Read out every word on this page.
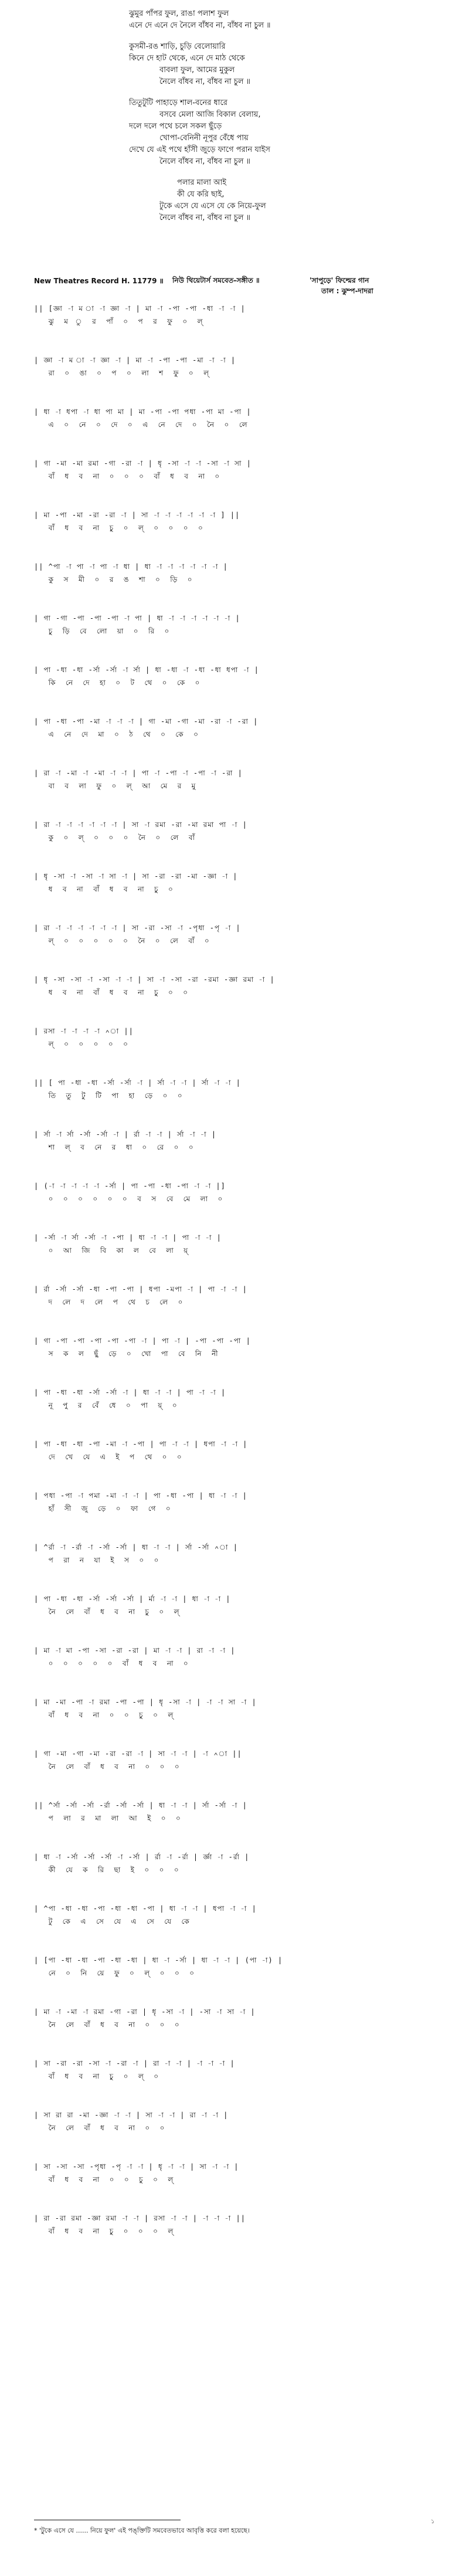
ঝুমুর পাঁপর ফুল, রাঙা পলাশ ফুল
এনে দে এনে দে নৈলে বাঁধব না, বাঁধব না চুল ॥
কুসমী-রঙ শাড়ি, চুড়ি বেলোয়ারি
কিনে দে হাট থেকে, এনে দে মাঠ থেকে
বাবলা ফুল, আমের মুকুল
নৈলে বাঁধব না, বাঁধব না চুল ॥
তিতুটুটি পাহাড়ে শাল-বনের ধারে
বসবে মেলা আজি বিকাল বেলায়,
দলে দলে পথে চলে সকল ছুঁড়ে
খোপা-বেনিনী নূপুর বেঁধে পায়
দেখে যে এই পথে হাঁসী জুড়ে ফাগে পরান যাইস
নৈলে বাঁধব না, বাঁধব না চুল ॥
পলার মালা আই
কী যে করি ছাই,
টুকে এসে যে এসে যে কে নিয়ে-ফুল
নৈলে বাঁধব না, বাঁধব না চুল ॥
New Theatres Record H. 11779 ॥ নিউ থিয়েটার্স সমবেত-সঙ্গীত ॥	'সাপুড়ে' ফিল্মের গান
তাল : ঝুম্প-দাদরা
|| [জ্ঞা -া ম া -া জ্ঞা -া | মা -া -পা -পা -ধা -া -া |
ঝু  ম  ু  র  পাঁ  ০  প  র  ফু  ০  ল্
| জ্ঞা -া ম া -া জ্ঞা -া | মা -া -পা -পা -মা -া -া |
রা  ০  ঙা  ০  প  ০  লা  শ  ফু  ০  ল্
| ধা -া ধপা -া ধা পা মা | মা -পা -পা পধা -পা মা -পা |
এ  ০  নে  ০  দে  ০  এ  নে  দে  ০  নৈ  ০  লে
| গা -মা -মা রমা -গা -রা -া | ধৃ -সা -া -া -সা -া সা |
বাঁ  ধ  ব  না  ০  ০  ০  বাঁ  ধ  ব  না  ০
| মা -পা -মা -রা -রা -া | সা -া -া -া -া -া -া ] ||
বাঁ  ধ  ব  না  চু  ০  ল্  ০  ০  ০  ০
|| ^পা -া পা -া পা -া ধা | ধা -া -া -া -া -া -া |
কু  স  মী  ০  র  ঙ  শা  ০  ড়ি  ০
| গা -গা -পা -পা -পা -া পা | ধা -া -া -া -া -া -া |
চু  ড়ি  বে  লো  য়া  ০  রি  ০
| পা -ধা -ধা -র্সা -র্সা -া র্সা | ধা -ধা -া -ধা -ধা ধপা -া |
কি  নে  দে  হা  ০  ট  থে  ০  কে  ০
| পা -ধা -পা -মা -া -া -া | গা -মা -গা -মা -রা -া -রা |
এ  নে  দে  মা  ০  ঠ  থে  ০  কে  ০
| রা -া -মা -া -মা -া -া | পা -া -পা -া -পা -া -রা |
বা  ব  লা  ফু  ০  ল্  আ  মে  র  মু
| রা -া -া -া -া -া -া | সা -া রমা -রা -মা রমা পা -া |
কু  ০  ল্  ০  ০  ০  নৈ  ০  লে  বাঁ
| ধৃ -সা -া -সা -া সা -া | সা -রা -রা -মা -জ্ঞা -া |
ধ  ব  না  বাঁ  ধ  ব  না  চু  ০
| রা -া -া -া -া -া -া | সা -রা -সা -া -পৃধা -পৃ -া |
ল্  ০  ০  ০  ০  ০  নৈ  ০  লে  বাঁ  ০
| ধৃ -সা -সা -া -সা -া -া | সা -া -সা -রা -রমা -জ্ঞা রমা -া |
ধ  ব  না  বাঁ  ধ  ব  না  চু  ০  ০
| রসা -া -া -া -া ^া ||
ল্  ০  ০  ০  ০  ০
|| [ পা -ধা -ধা -র্সা -র্সা -া | র্সা -া -া | র্সা -া -া |
তি  তু  টু  টি  পা  হা  ড়ে  ০  ০
| র্সা -া র্সা -র্সা -র্সা -া | র্রা -া -া | র্সা -া -া |
শা  ল্  ব  নে  র  ধা  ০  রে  ০  ০
| (-া -া -া -া -া -র্সা | পা -পা -ধা -পা -া -া |]
০  ০  ০  ০  ০  ০  ব  স  বে  মে  লা  ০
| -র্সা -া র্সা -র্সা -া -পা | ধা -া -া | পা -া -া |
০  আ  জি  বি  কা  ল  বে  লা  য়্
| র্রা -র্সা -র্সা -ধা -পা -পা | ধপা -মপা -া | পা -া -া |
দ  লে  দ  লে  প  থে  চ  লে  ০
| গা -পা -পা -পা -পা -পা -া | পা -া | -পা -পা -পা |
স  ক  ল  ছুঁ  ড়ে  ০  খো  পা  বে  নি  নী
| পা -ধা -ধা -র্সা -র্সা -া | ধা -া -া | পা -া -া |
নূ  পু  র  বেঁ  ধে  ০  পা  য়্  ০
| পা -ধা -ধা -পা -মা -া -পা | পা -া -া | ধপা -া -া |
দে  খে  যে  এ  ই  প  থে  ০  ০
| পধা -পা -া পমা -মা -া -া | পা -ধা -পা | ধা -া -া |
হাঁ  সী  জু  ড়ে  ০  ফা  গে  ০
| ^র্রা -া -র্রা -া -র্সা -র্সা | ধা -া -া | র্সা -র্সা ^া |
প  রা  ন  যা  ই  স  ০  ০
| পা -ধা -ধা -র্সা -র্সা -র্সা | র্মা -া -া | ধা -া -া |
নৈ  লে  বাঁ  ধ  ব  না  চু  ০  ল্
| মা -া মা -পা -সা -রা -রা | মা -া -া | রা -া -া |
০  ০  ০  ০  ০  বাঁ  ধ  ব  না  ০
| মা -মা -পা -া রমা -পা -পা | ধৃ -সা -া | -া -া সা -া |
বাঁ  ধ  ব  না  ০  ০  চু  ০  ল্
| গা -মা -গা -মা -রা -রা -া | সা -া -া | -া ^া ||
নৈ  লে  বাঁ  ধ  ব  না  ০  ০  ০
|| ^র্সা -র্সা -র্সা -র্রা -র্সা -র্সা | ধা -া -া | র্সা -র্সা -া |
প  লা  র  মা  লা  আ  ই  ০  ০
| ধা -া -র্সা -র্সা -র্সা -া -র্সা | র্রা -া -র্রা | র্জ্ঞা -া -র্রা |
কী  যে  ক  রি  ছা  ই  ০  ০  ০
| ^পা -ধা -ধা -পা -ধা -ধা -পা | ধা -া -া | ধপা -া -া |
টু  কে  এ  সে  যে  এ  সে  যে  কে
| [পা -ধা -ধা -পা -ধা -ধা | ধা -া -র্সা | ধা -া -া | (পা -া) |
নে  ০  নি  য়ে  ফু  ০  ল্  ০  ০  ০
| মা -া -মা -া রমা -গা -রা | ধৃ -সা -া | -সা -া সা -া |
নৈ  লে  বাঁ  ধ  ব  না  ০  ০  ০
| সা -রা -রা -সা -া -রা -া | রা -া -া | -া -া -া |
বাঁ  ধ  ব  না  চু  ০  ল্  ০
| সা রা রা -মা -জ্ঞা -া -া | সা -া -া | রা -া -া |
নৈ  লে  বাঁ  ধ  ব  না  ০  ০
| সা -সা -সা -পৃধা -পৃ -া -া | ধৃ -া -া | সা -া -া |
বাঁ  ধ  ব  না  ০  ০  চু  ০  ল্
| রা -রা রমা -জ্ঞা রমা -া -া | রসা -া -া | -া -া -া ||
বাঁ  ধ  ব  না  চু  ০  ০  ০  ল্
* 'টুকে এসে যে ...... নিয়ে ফুল' এই পঙ্‌ক্তিটি সমবেতভাবে আবৃত্তি করে বলা হয়েছে।
১
